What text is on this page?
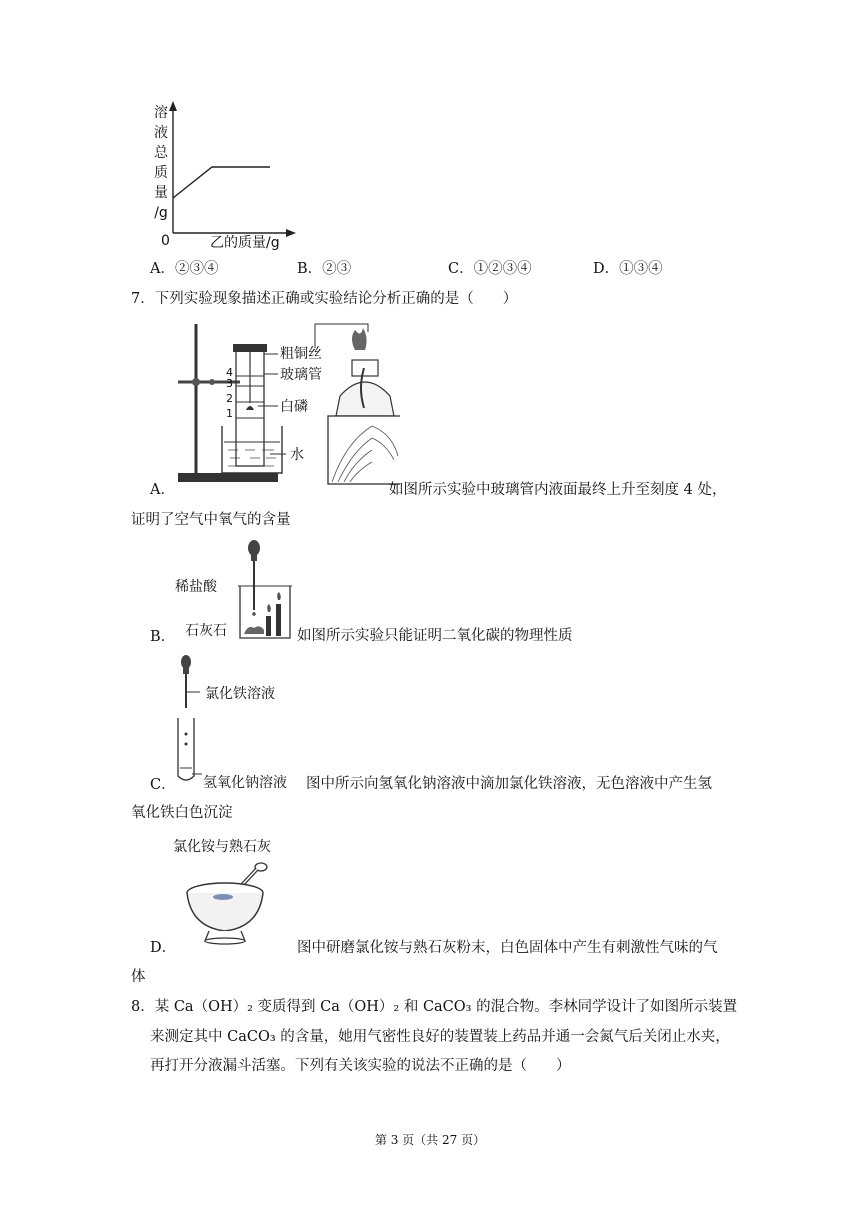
溶
液
总
质
量
/g
0	乙的质量/g
A．②③④	B．②③	C．①②③④	D．①③④
7．下列实验现象描述正确或实验结论分析正确的是（　　）
4
3
2
1
粗铜丝
玻璃管
白磷
水
A．	如图所示实验中玻璃管内液面最终上升至刻度 4 处，
证明了空气中氧气的含量
稀盐酸
石灰石
B．	如图所示实验只能证明二氧化碳的物理性质
氯化铁溶液
氢氧化钠溶液
C．	图中所示向氢氧化钠溶液中滴加氯化铁溶液，无色溶液中产生氢
氧化铁白色沉淀
氯化铵与熟石灰
D．	图中研磨氯化铵与熟石灰粉末，白色固体中产生有刺激性气味的气
体
8．某 Ca（OH）₂ 变质得到 Ca（OH）₂ 和 CaCO₃ 的混合物。李林同学设计了如图所示装置
来测定其中 CaCO₃ 的含量，她用气密性良好的装置装上药品并通一会氮气后关闭止水夹，
再打开分液漏斗活塞。下列有关该实验的说法不正确的是（　　）
第 3 页（共 27 页）
